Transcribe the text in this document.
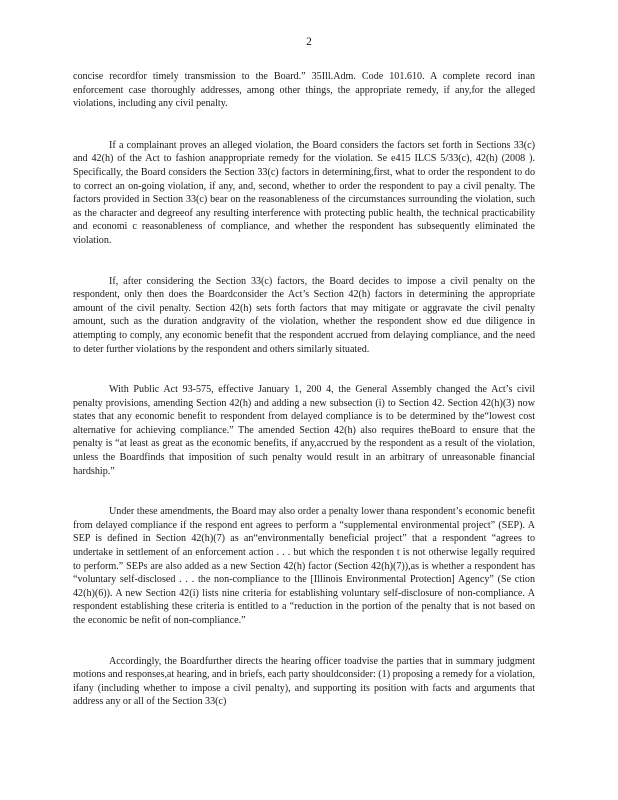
2

concise recordfor timely transmission to the Board.” 35Ill.Adm. Code 101.610. A complete record inan enforcement case thoroughly addresses, among other things, the appropriate remedy, if any,for the alleged violations, including any civil penalty.

If a complainant proves an alleged violation, the Board considers the factors set forth in Sections 33(c) and 42(h) of the Act to fashion anappropriate remedy for the violation. Se e415 ILCS 5/33(c), 42(h) (2008 ). Specifically, the Board considers the Section 33(c) factors in determining,first, what to order the respondent to do to correct an on-going violation, if any, and, second, whether to order the respondent to pay a civil penalty. The factors provided in Section 33(c) bear on the reasonableness of the circumstances surrounding the violation, such as the character and degreeof any resulting interference with protecting public health, the technical practicability and economi c reasonableness of compliance, and whether the respondent has subsequently eliminated the violation.

If, after considering the Section 33(c) factors, the Board decides to impose a civil penalty on the respondent, only then does the Boardconsider the Act’s Section 42(h) factors in determining the appropriate amount of the civil penalty. Section 42(h) sets forth factors that may mitigate or aggravate the civil penalty amount, such as the duration andgravity of the violation, whether the respondent show ed due diligence in attempting to comply, any economic benefit that the respondent accrued from delaying compliance, and the need to deter further violations by the respondent and others similarly situated.

With Public Act 93-575, effective January 1, 200 4, the General Assembly changed the Act’s civil penalty provisions, amending Section 42(h) and adding a new subsection (i) to Section 42. Section 42(h)(3) now states that any economic benefit to respondent from delayed compliance is to be determined by the“lowest cost alternative for achieving compliance.” The amended Section 42(h) also requires theBoard to ensure that the penalty is “at least as great as the economic benefits, if any,accrued by the respondent as a result of the violation, unless the Boardfinds that imposition of such penalty would result in an arbitrary of unreasonable financial hardship.”

Under these amendments, the Board may also order a penalty lower thana respondent’s economic benefit from delayed compliance if the respond ent agrees to perform a “supplemental environmental project” (SEP). A SEP is defined in Section 42(h)(7) as an“environmentally beneficial project” that a respondent “agrees to undertake in settlement of an enforcement action . . . but which the responden t is not otherwise legally required to perform.” SEPs are also added as a new Section 42(h) factor (Section 42(h)(7)),as is whether a respondent has “voluntary self-disclosed . . . the non-compliance to the [Illinois Environmental Protection] Agency” (Se ction 42(h)(6)). A new Section 42(i) lists nine criteria for establishing voluntary self-disclosure of non-compliance. A respondent establishing these criteria is entitled to a “reduction in the portion of the penalty that is not based on the economic be nefit of non-compliance.”

Accordingly, the Boardfurther directs the hearing officer toadvise the parties that in summary judgment motions and responses,at hearing, and in briefs, each party shouldconsider: (1) proposing a remedy for a violation, ifany (including whether to impose a civil penalty), and supporting its position with facts and arguments that address any or all of the Section 33(c)
